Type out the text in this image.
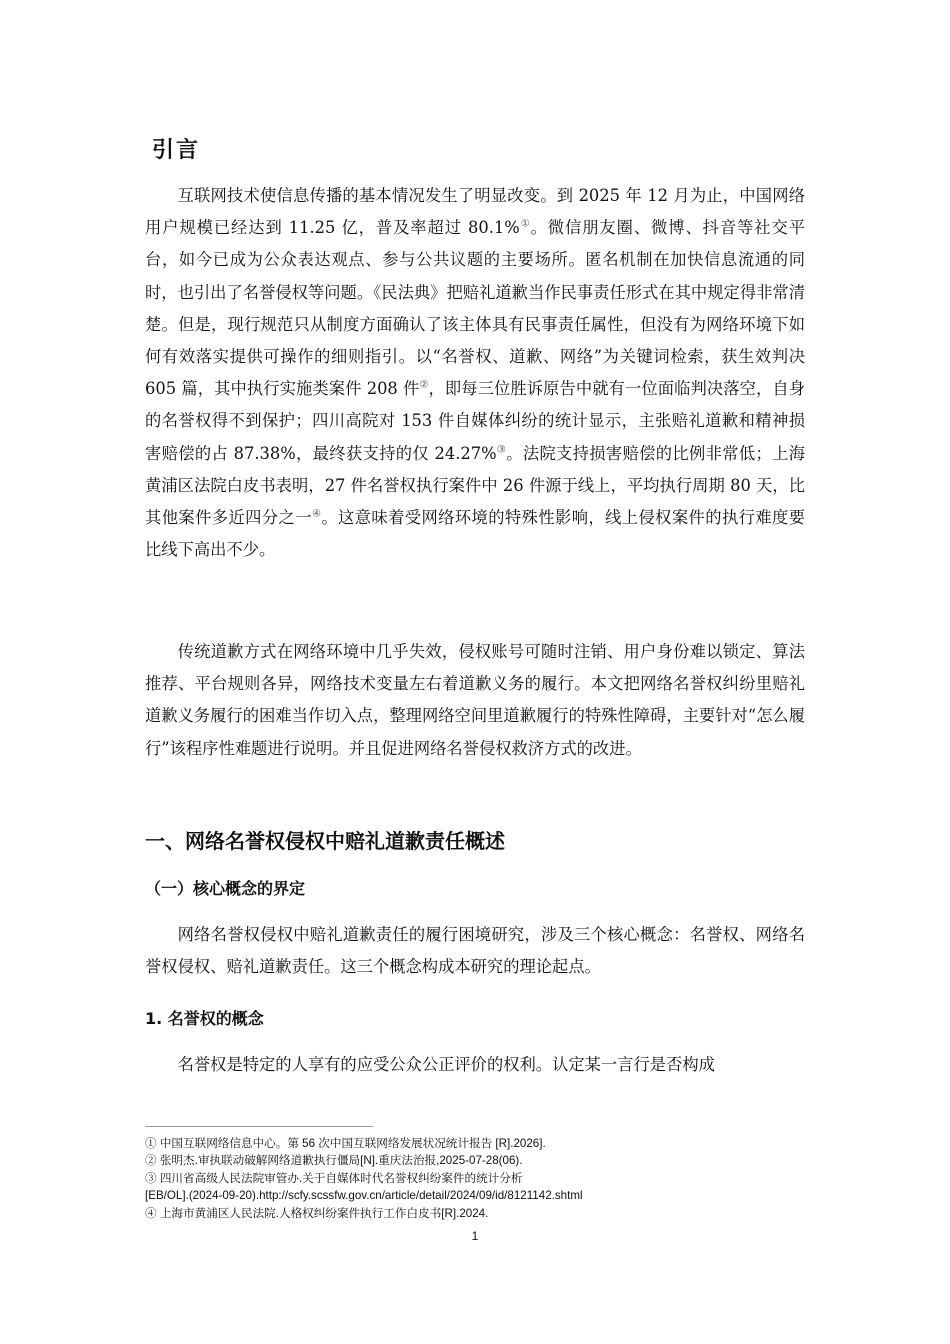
引言

互联网技术使信息传播的基本情况发生了明显改变。到 2025 年 12 月为止，中国网络用户规模已经达到 11.25 亿，普及率超过 80.1%①。微信朋友圈、微博、抖音等社交平台，如今已成为公众表达观点、参与公共议题的主要场所。匿名机制在加快信息流通的同时，也引出了名誉侵权等问题。《民法典》把赔礼道歉当作民事责任形式在其中规定得非常清楚。但是，现行规范只从制度方面确认了该主体具有民事责任属性，但没有为网络环境下如何有效落实提供可操作的细则指引。以“名誉权、道歉、网络”为关键词检索，获生效判决 605 篇，其中执行实施类案件 208 件②，即每三位胜诉原告中就有一位面临判决落空，自身的名誉权得不到保护；四川高院对 153 件自媒体纠纷的统计显示，主张赔礼道歉和精神损害赔偿的占 87.38%，最终获支持的仅 24.27%③。法院支持损害赔偿的比例非常低；上海黄浦区法院白皮书表明，27 件名誉权执行案件中 26 件源于线上，平均执行周期 80 天，比其他案件多近四分之一④。这意味着受网络环境的特殊性影响，线上侵权案件的执行难度要比线下高出不少。

传统道歉方式在网络环境中几乎失效，侵权账号可随时注销、用户身份难以锁定、算法推荐、平台规则各异，网络技术变量左右着道歉义务的履行。本文把网络名誉权纠纷里赔礼道歉义务履行的困难当作切入点，整理网络空间里道歉履行的特殊性障碍，主要针对“怎么履行”该程序性难题进行说明。并且促进网络名誉侵权救济方式的改进。

一、网络名誉权侵权中赔礼道歉责任概述
（一）核心概念的界定

网络名誉权侵权中赔礼道歉责任的履行困境研究，涉及三个核心概念：名誉权、网络名誉权侵权、赔礼道歉责任。这三个概念构成本研究的理论起点。

1. 名誉权的概念

名誉权是特定的人享有的应受公众公正评价的权利。认定某一言行是否构成

① 中国互联网络信息中心。第 56 次中国互联网络发展状况统计报告 [R].2026].

② 张明杰.审执联动破解网络道歉执行僵局[N].重庆法治报,2025-07-28(06).

③ 四川省高级人民法院审管办.关于自媒体时代名誉权纠纷案件的统计分析

[EB/OL].(2024-09-20).http://scfy.scssfw.gov.cn/article/detail/2024/09/id/8121142.shtml

④ 上海市黄浦区人民法院.人格权纠纷案件执行工作白皮书[R].2024.

1
